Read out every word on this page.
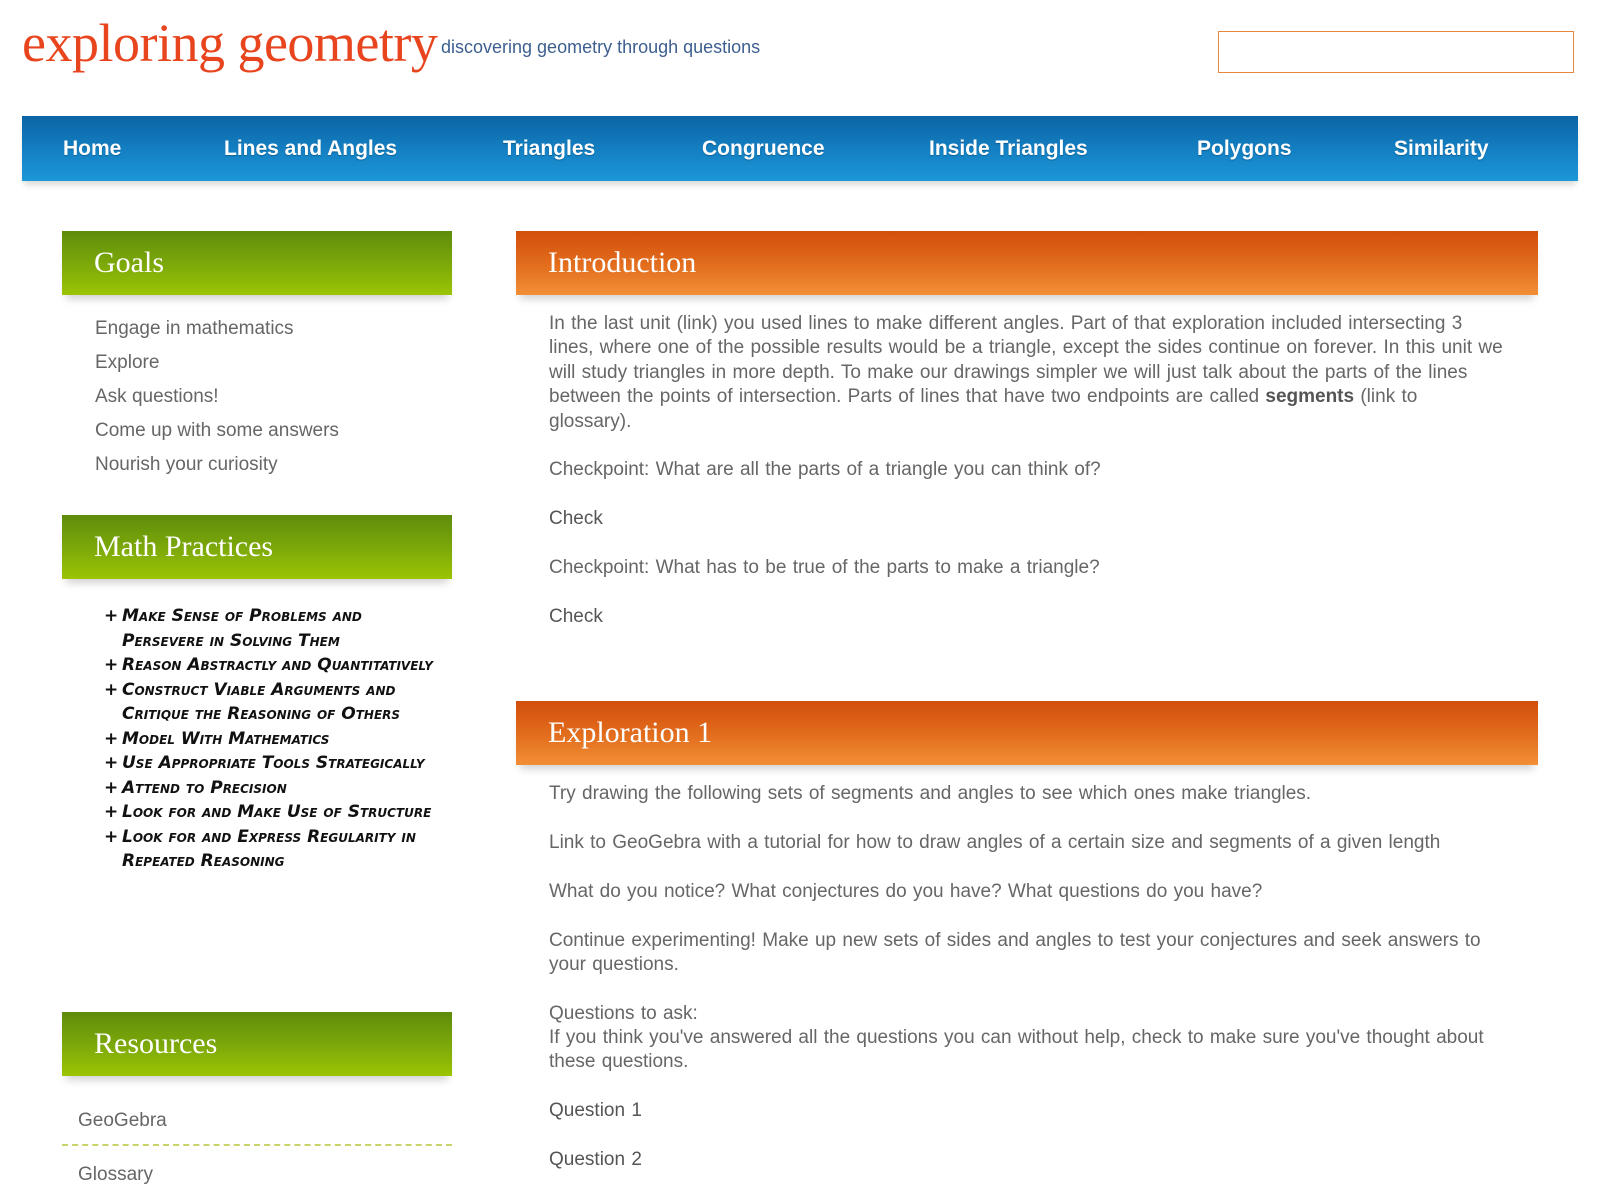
exploring geometry discovering geometry through questions
Home	Lines and Angles	Triangles	Congruence	Inside Triangles	Polygons	Similarity
Goals
Engage in mathematics
Explore
Ask questions!
Come up with some answers
Nourish your curiosity
Math Practices
+ Make Sense of Problems and Persevere in Solving Them
+ Reason Abstractly and Quantitatively
+ Construct Viable Arguments and Critique the Reasoning of Others
+ Model With Mathematics
+ Use Appropriate Tools Strategically
+ Attend to Precision
+ Look for and Make Use of Structure
+ Look for and Express Regularity in Repeated Reasoning
Resources
GeoGebra
Glossary
Introduction
In the last unit (link) you used lines to make different angles. Part of that exploration included intersecting 3 lines, where one of the possible results would be a triangle, except the sides continue on forever. In this unit we will study triangles in more depth. To make our drawings simpler we will just talk about the parts of the lines between the points of intersection. Parts of lines that have two endpoints are called segments (link to glossary).
Checkpoint: What are all the parts of a triangle you can think of?
Check
Checkpoint: What has to be true of the parts to make a triangle?
Check
Exploration 1
Try drawing the following sets of segments and angles to see which ones make triangles.
Link to GeoGebra with a tutorial for how to draw angles of a certain size and segments of a given length
What do you notice? What conjectures do you have? What questions do you have?
Continue experimenting! Make up new sets of sides and angles to test your conjectures and seek answers to your questions.
Questions to ask:
If you think you've answered all the questions you can without help, check to make sure you've thought about these questions.
Question 1
Question 2
